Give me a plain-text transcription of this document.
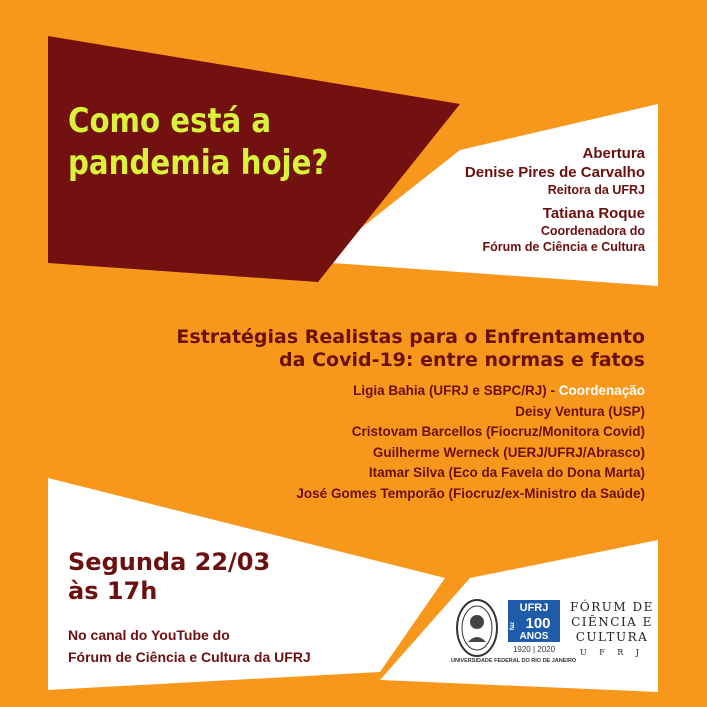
Como está a
pandemia hoje?	Abertura
Denise Pires de Carvalho
Reitora da UFRJ
Tatiana Roque
Coordenadora do
Fórum de Ciência e Cultura
Estratégias Realistas para o Enfrentamento
da Covid-19: entre normas e fatos
Ligia Bahia (UFRJ e SBPC/RJ) - Coordenação
Deisy Ventura (USP)
Cristovam Barcellos (Fiocruz/Monitora Covid)
Guilherme Werneck (UERJ/UFRJ/Abrasco)
Itamar Silva (Eco da Favela do Dona Marta)
José Gomes Temporão (Fiocruz/ex-Ministro da Saúde)
Segunda 22/03
às 17h
No canal do YouTube do
Fórum de Ciência e Cultura da UFRJ	UNIVERSIDADE FEDERAL DO RIO DE JANEIRO
UFRJ
faz 100
ANOS
1920 | 2020
FÓRUM DE
CIÊNCIA E
CULTURA
U F R J
